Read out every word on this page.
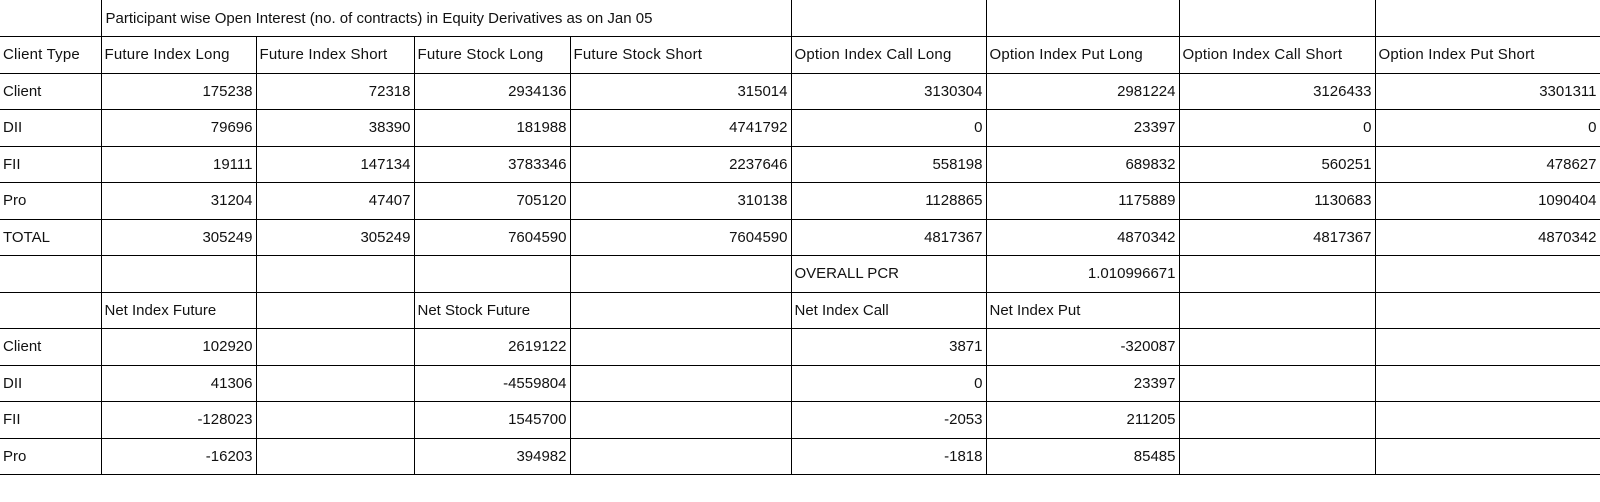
	Participant wise Open Interest (no. of contracts) in Equity Derivatives as on Jan 05							
Client Type	Future Index Long	Future Index Short	Future Stock Long	Future Stock Short	Option Index Call Long	Option Index Put Long	Option Index Call Short	Option Index Put Short
Client	175238	72318	2934136	315014	3130304	2981224	3126433	3301311
DII	79696	38390	181988	4741792	0	23397	0	0
FII	19111	147134	3783346	2237646	558198	689832	560251	478627
Pro	31204	47407	705120	310138	1128865	1175889	1130683	1090404
TOTAL	305249	305249	7604590	7604590	4817367	4870342	4817367	4870342
					OVERALL PCR	1.010996671		
	Net Index Future		Net Stock Future		Net Index Call	Net Index Put		
Client	102920		2619122		3871	-320087		
DII	41306		-4559804		0	23397		
FII	-128023		1545700		-2053	211205		
Pro	-16203		394982		-1818	85485		
